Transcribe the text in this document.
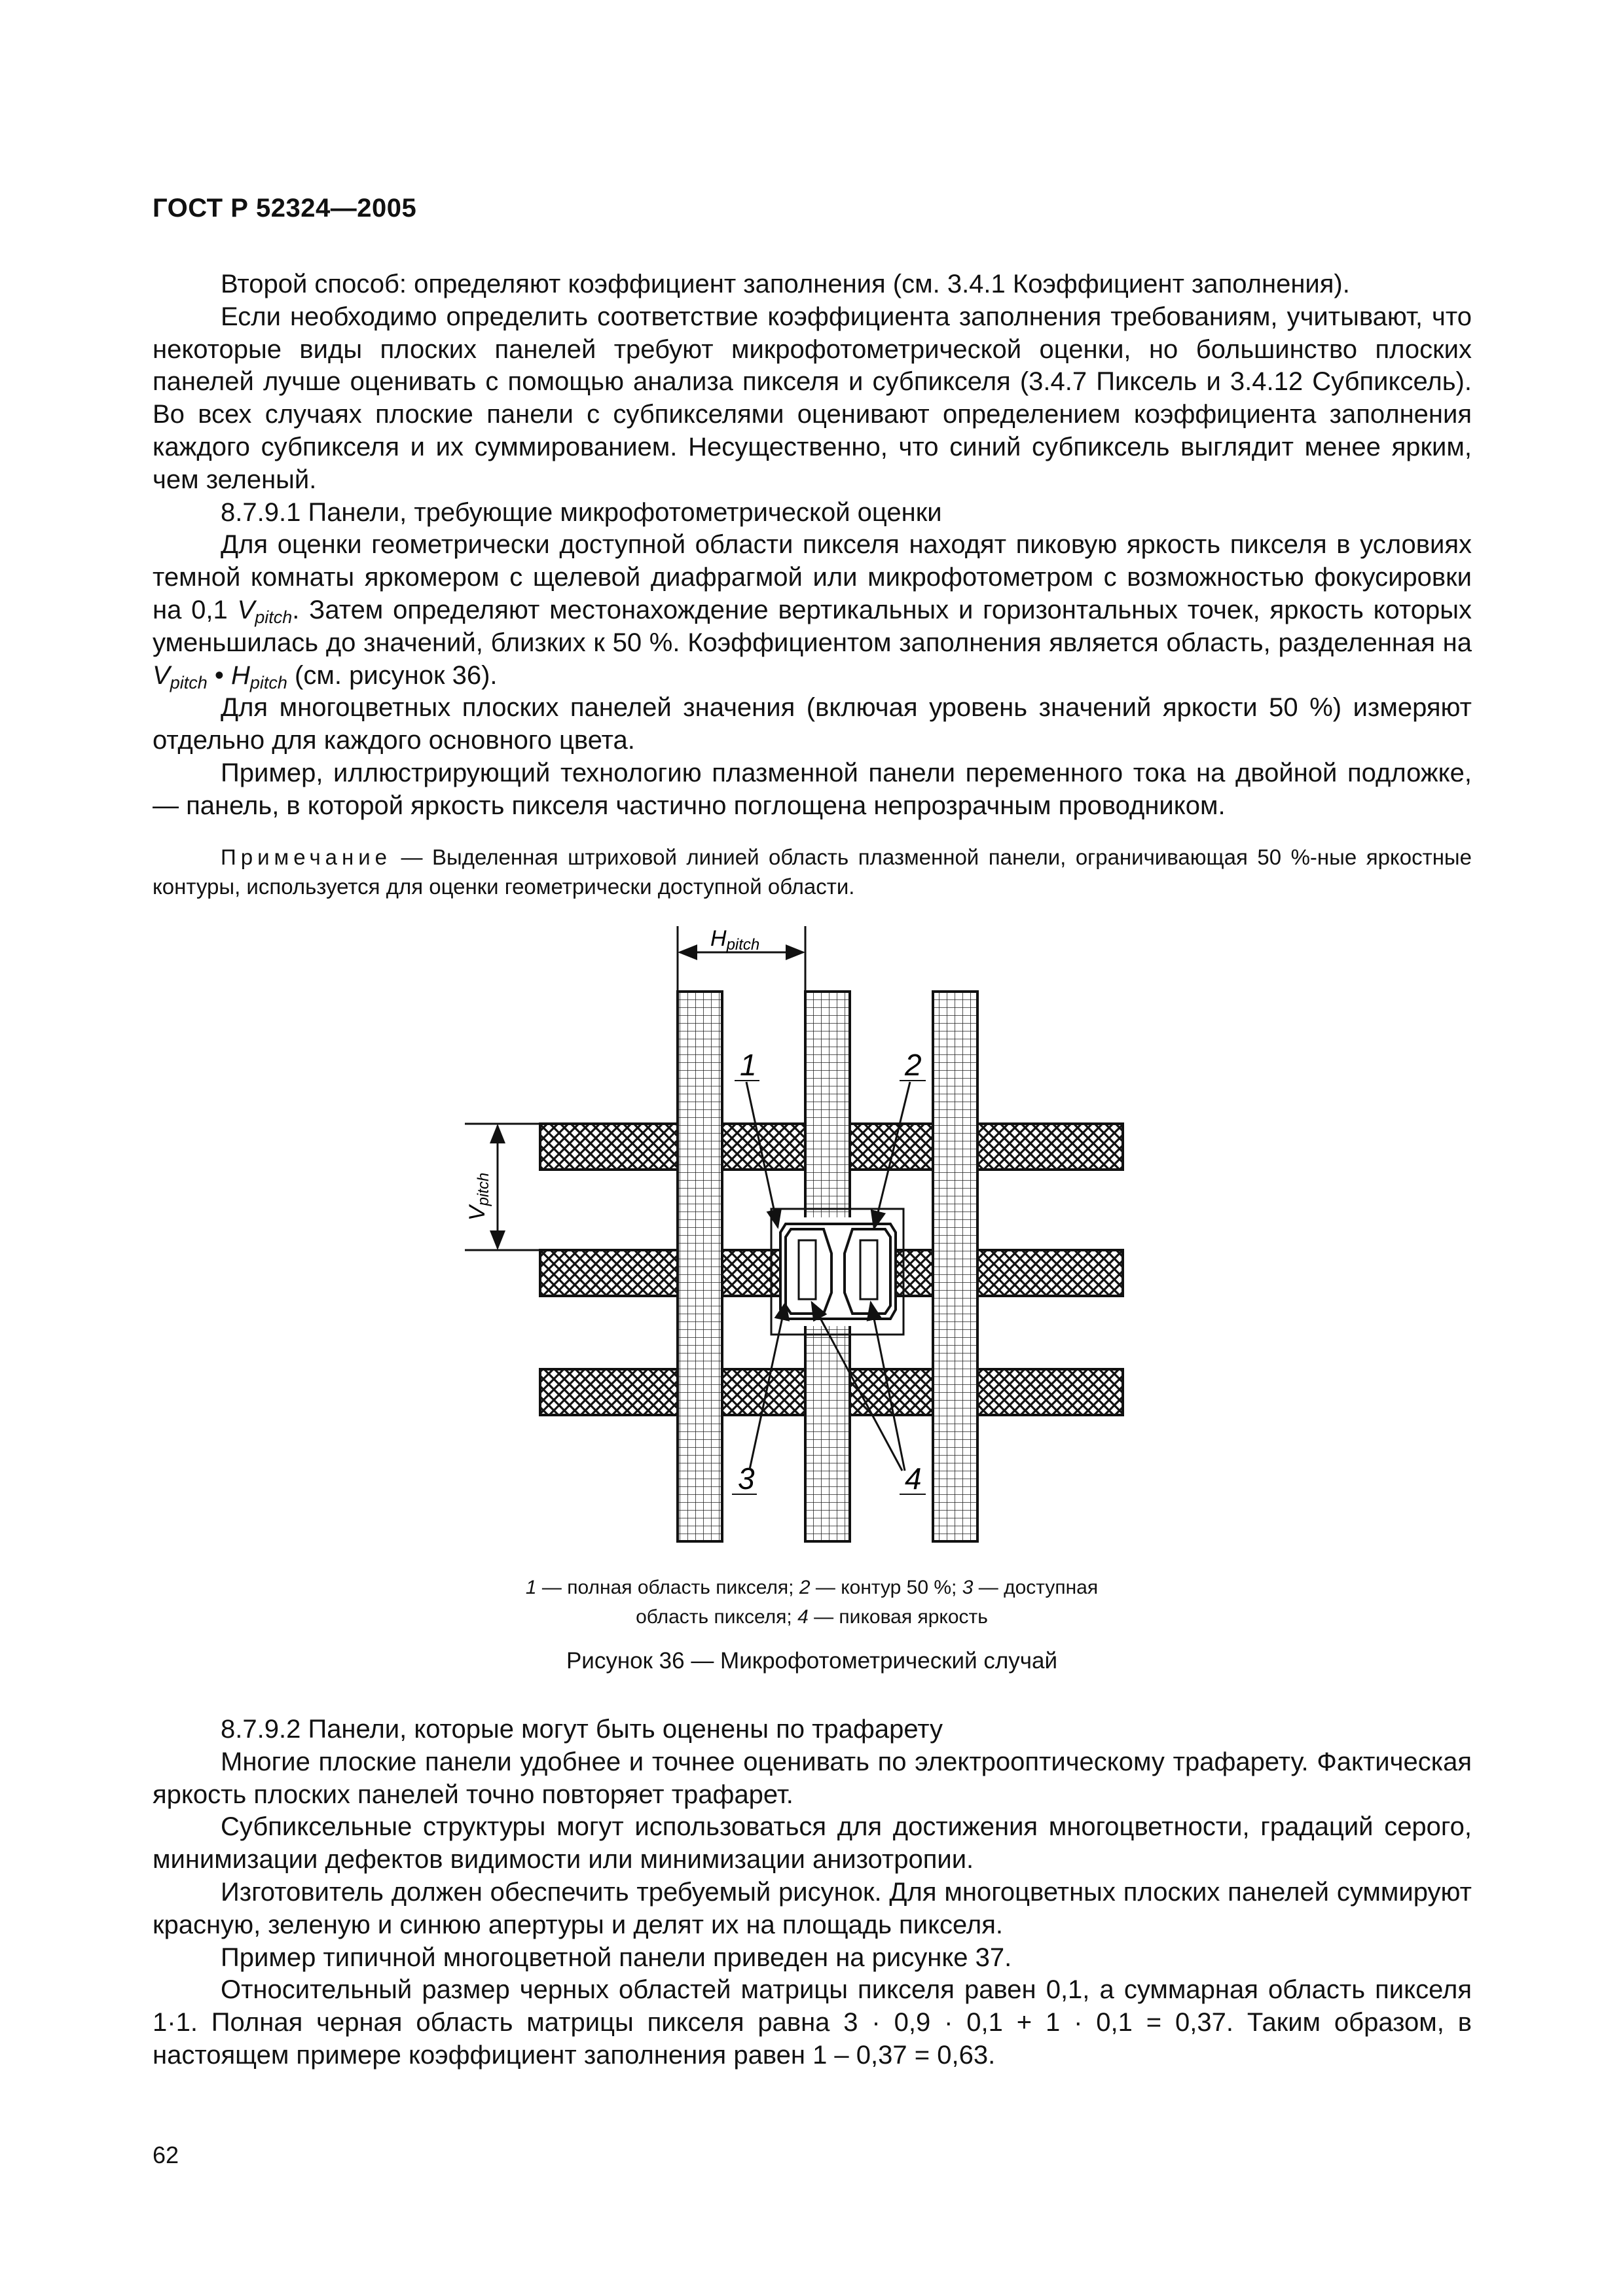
ГОСТ Р 52324—2005

Второй способ: определяют коэффициент заполнения (см. 3.4.1 Коэффициент заполнения).

Если необходимо определить соответствие коэффициента заполнения требованиям, учитывают, что некоторые виды плоских панелей требуют микрофотометрической оценки, но большинство плоских панелей лучше оценивать с помощью анализа пикселя и субпикселя (3.4.7 Пиксель и 3.4.12 Субпиксель). Во всех случаях плоские панели с субпикселями оценивают определением коэффициента заполнения каждого субпикселя и их суммированием. Несущественно, что синий субпиксель выглядит менее ярким, чем зеленый.

8.7.9.1 Панели, требующие микрофотометрической оценки

Для оценки геометрически доступной области пикселя находят пиковую яркость пикселя в условиях темной комнаты яркомером с щелевой диафрагмой или микрофотометром с возможностью фокусировки на 0,1 $V_{pitch}$. Затем определяют местонахождение вертикальных и горизонтальных точек, яркость которых уменьшилась до значений, близких к 50 %. Коэффициентом заполнения является область, разделенная на $V_{pitch}$ • $H_{pitch}$ (см. рисунок 36).

Для многоцветных плоских панелей значения (включая уровень значений яркости 50 %) измеряют отдельно для каждого основного цвета.

Пример, иллюстрирующий технологию плазменной панели переменного тока на двойной подложке, — панель, в которой яркость пикселя частично поглощена непрозрачным проводником.

Примечание — Выделенная штриховой линией область плазменной панели, ограничивающая 50 %-ные яркостные контуры, используется для оценки геометрически доступной области.
Hpitch
Vpitch
1	2
3	4
1 — полная область пикселя; 2 — контур 50 %; 3 — доступная
область пикселя; 4 — пиковая яркость
Рисунок 36 — Микрофотометрический случай

8.7.9.2 Панели, которые могут быть оценены по трафарету

Многие плоские панели удобнее и точнее оценивать по электрооптическому трафарету. Фактическая яркость плоских панелей точно повторяет трафарет.

Субпиксельные структуры могут использоваться для достижения многоцветности, градаций серого, минимизации дефектов видимости или минимизации анизотропии.

Изготовитель должен обеспечить требуемый рисунок. Для многоцветных плоских панелей суммируют красную, зеленую и синюю апертуры и делят их на площадь пикселя.

Пример типичной многоцветной панели приведен на рисунке 37.

Относительный размер черных областей матрицы пикселя равен 0,1, а суммарная область пикселя 1·1. Полная черная область матрицы пикселя равна 3 · 0,9 · 0,1 + 1 · 0,1 = 0,37. Таким образом, в настоящем примере коэффициент заполнения равен 1 – 0,37 = 0,63.

62
